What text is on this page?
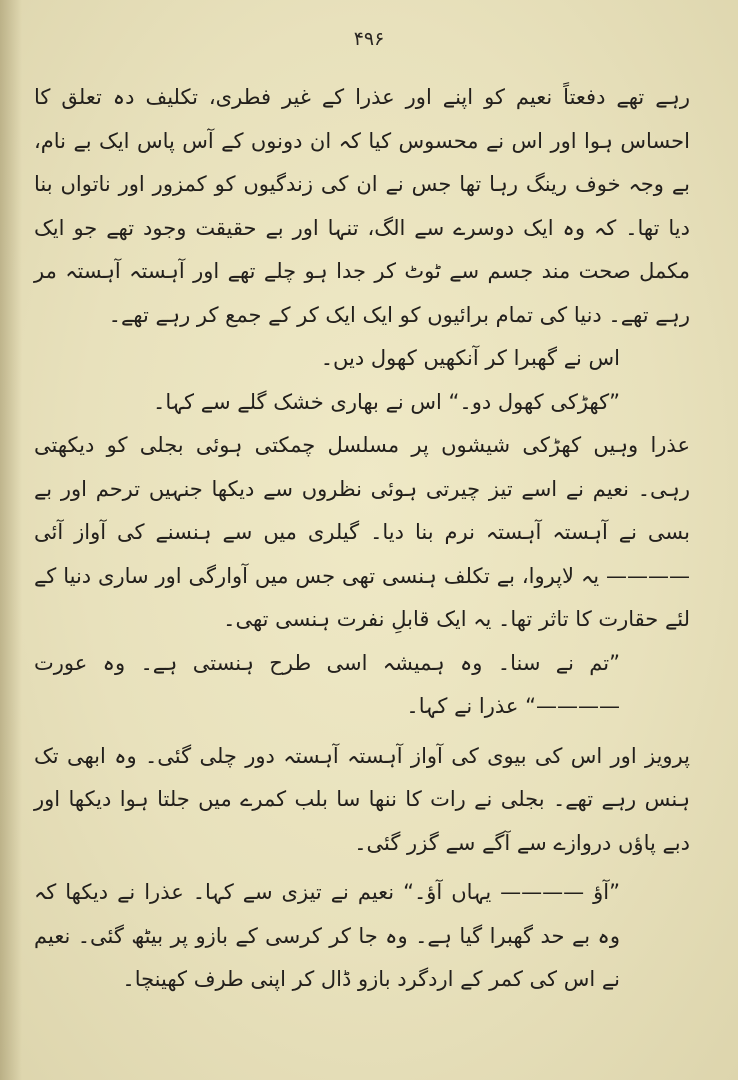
۴۹۶

رہے تھے دفعتاً نعیم کو اپنے اور عذرا کے غیر فطری، تکلیف دہ تعلق کا احساس ہوا اور اس نے محسوس کیا کہ ان دونوں کے آس پاس ایک بے نام، بے وجہ خوف رینگ رہا تھا جس نے ان کی زندگیوں کو کمزور اور ناتواں بنا دیا تھا۔ کہ وہ ایک دوسرے سے الگ، تنہا اور بے حقیقت وجود تھے جو ایک مکمل صحت مند جسم سے ٹوٹ کر جدا ہو چلے تھے اور آہستہ آہستہ مر رہے تھے۔ دنیا کی تمام برائیوں کو ایک ایک کر کے جمع کر رہے تھے۔

اس نے گھبرا کر آنکھیں کھول دیں۔

”کھڑکی کھول دو۔“ اس نے بھاری خشک گلے سے کہا۔

عذرا وہیں کھڑکی شیشوں پر مسلسل چمکتی ہوئی بجلی کو دیکھتی رہی۔ نعیم نے اسے تیز چیرتی ہوئی نظروں سے دیکھا جنہیں ترحم اور بے بسی نے آہستہ آہستہ نرم بنا دیا۔ گیلری میں سے ہنسنے کی آواز آئی ———— یہ لاپروا، بے تکلف ہنسی تھی جس میں آوارگی اور ساری دنیا کے لئے حقارت کا تاثر تھا۔ یہ ایک قابلِ نفرت ہنسی تھی۔

”تم نے سنا۔ وہ ہمیشہ اسی طرح ہنستی ہے۔ وہ عورت ————“ عذرا نے کہا۔

پرویز اور اس کی بیوی کی آواز آہستہ آہستہ دور چلی گئی۔ وہ ابھی تک ہنس رہے تھے۔ بجلی نے رات کا ننھا سا بلب کمرے میں جلتا ہوا دیکھا اور دبے پاؤں دروازے سے آگے سے گزر گئی۔

”آؤ ———— یہاں آؤ۔“ نعیم نے تیزی سے کہا۔ عذرا نے دیکھا کہ وہ بے حد گھبرا گیا ہے۔ وہ جا کر کرسی کے بازو پر بیٹھ گئی۔ نعیم نے اس کی کمر کے اردگرد بازو ڈال کر اپنی طرف کھینچا۔
